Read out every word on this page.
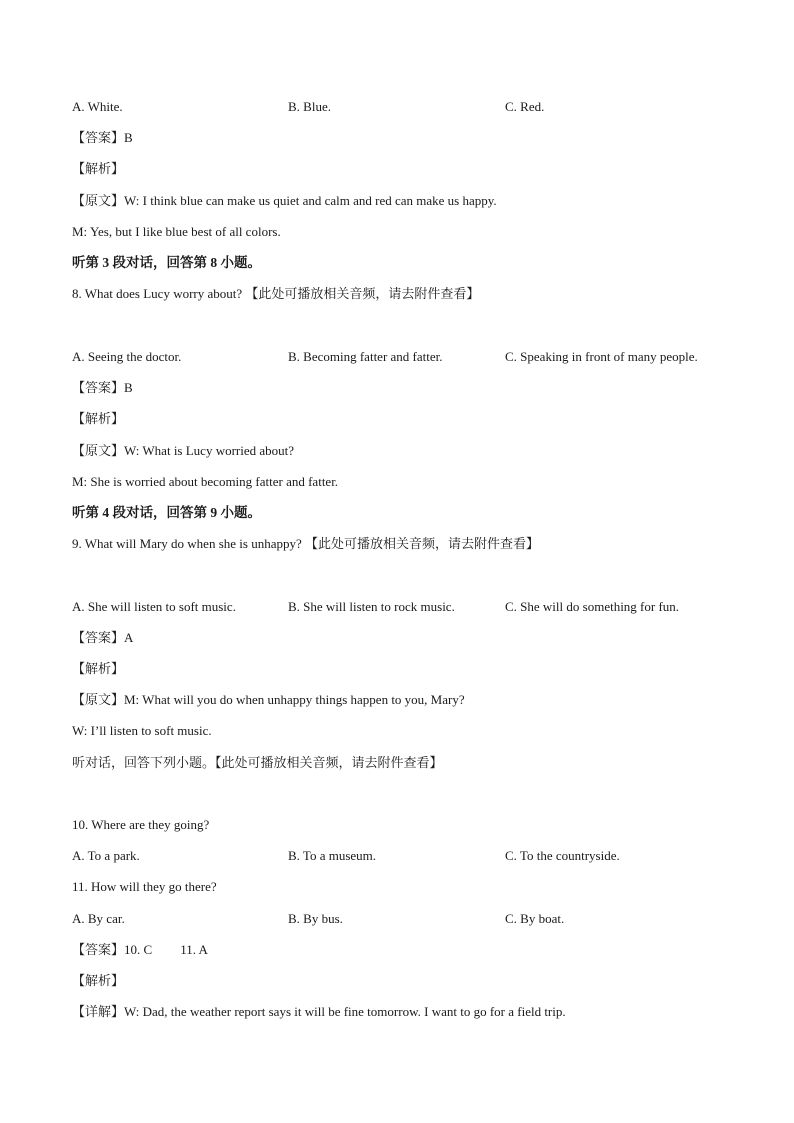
A. White.	B. Blue.	C. Red.
【答案】B
【解析】
【原文】W: I think blue can make us quiet and calm and red can make us happy.
M: Yes, but I like blue best of all colors.
听第 3 段对话，回答第 8 小题。
8. What does Lucy worry about? 【此处可播放相关音频，请去附件查看】
A. Seeing the doctor.	B. Becoming fatter and fatter.	C. Speaking in front of many people.
【答案】B
【解析】
【原文】W: What is Lucy worried about?
M: She is worried about becoming fatter and fatter.
听第 4 段对话，回答第 9 小题。
9. What will Mary do when she is unhappy? 【此处可播放相关音频，请去附件查看】
A. She will listen to soft music.	B. She will listen to rock music.	C. She will do something for fun.
【答案】A
【解析】
【原文】M: What will you do when unhappy things happen to you, Mary?
W: I’ll listen to soft music.
听对话，回答下列小题。【此处可播放相关音频，请去附件查看】
10. Where are they going?
A. To a park.	B. To a museum.	C. To the countryside.
11. How will they go there?
A. By car.	B. By bus.	C. By boat.
【答案】10. C 11. A
【解析】
【详解】W: Dad, the weather report says it will be fine tomorrow. I want to go for a field trip.
